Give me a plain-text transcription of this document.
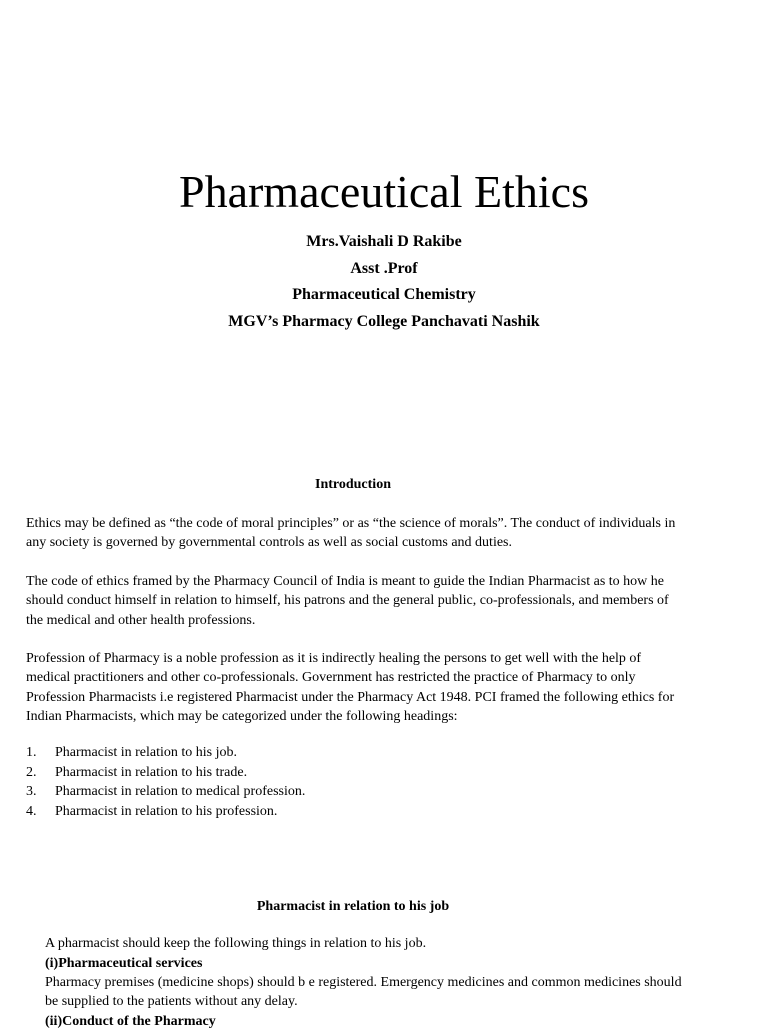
Pharmaceutical Ethics
Mrs.Vaishali D Rakibe
Asst .Prof
Pharmaceutical Chemistry
MGV’s Pharmacy College Panchavati Nashik
Introduction

Ethics may be defined as “the code of moral principles” or as “the science of morals”. The conduct of individuals in any society is governed by governmental controls as well as social customs and duties.

The code of ethics framed by the Pharmacy Council of India is meant to guide the Indian Pharmacist as to how he should conduct himself in relation to himself, his patrons and the general public, co-professionals, and members of the medical and other health professions.

Profession of Pharmacy is a noble profession as it is indirectly healing the persons to get well with the help of medical practitioners and other co-professionals. Government has restricted the practice of Pharmacy to only Profession Pharmacists i.e registered Pharmacist under the Pharmacy Act 1948. PCI framed the following ethics for Indian Pharmacists, which may be categorized under the following headings:

1.	Pharmacist in relation to his job.
2.	Pharmacist in relation to his trade.
3.	Pharmacist in relation to medical profession.
4.	Pharmacist in relation to his profession.
Pharmacist in relation to his job

A pharmacist should keep the following things in relation to his job.

(i)Pharmaceutical services

Pharmacy premises (medicine shops) should b e registered. Emergency medicines and common medicines should be supplied to the patients without any delay.

(ii)Conduct of the Pharmacy
